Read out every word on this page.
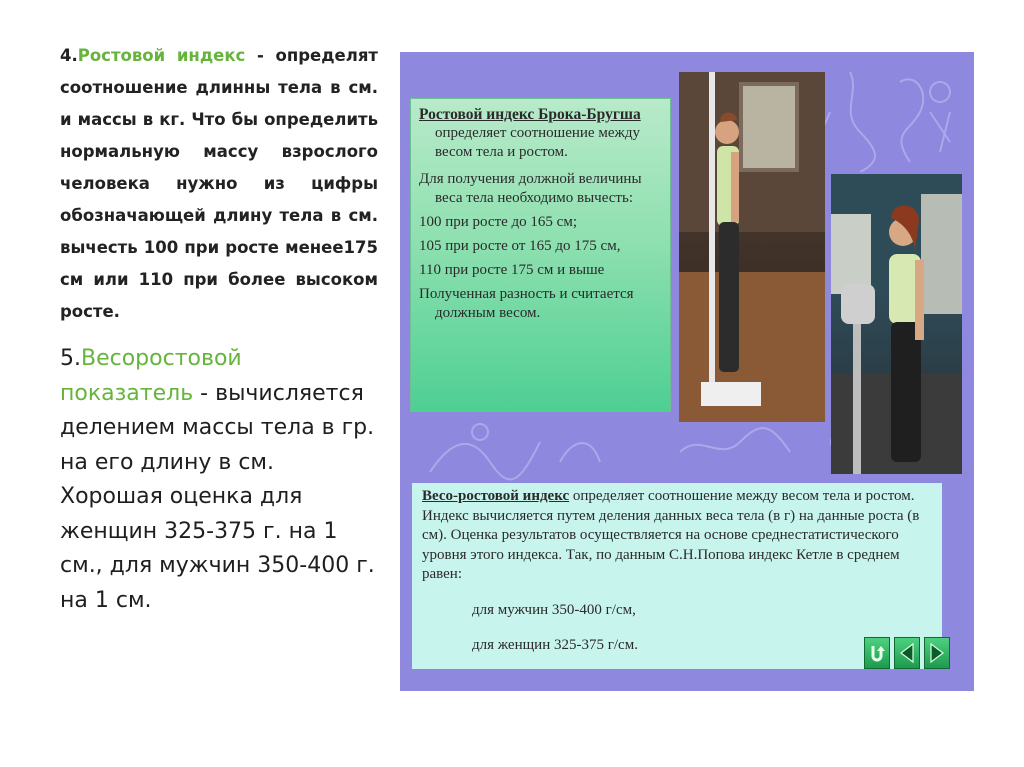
4.Ростовой индекс - определят соотношение длинны тела в см. и массы в кг. Что бы определить нормальную массу взрослого человека нужно из цифры обозначающей длину тела в см. вычесть 100 при росте менее175 см или 110 при более высоком росте.
5.Весоростовой показатель - вычисляется делением массы тела в гр. на его длину в см. Хорошая оценка для женщин 325-375 г. на 1 см., для мужчин 350-400 г. на 1 см.
Ростовой индекс Брока-Бругша
определяет соотношение между
весом тела и ростом.
Для получения должной величины
веса тела необходимо вычесть:
100 при росте до 165 см;
105 при росте от 165 до 175 см,
110 при росте 175 см и выше
Полученная разность и считается
должным весом.
Весо-ростовой индекс определяет соотношение между весом тела и ростом. Индекс вычисляется путем деления данных веса тела (в г) на данные роста (в см). Оценка результатов осуществляется на основе среднестатистического уровня этого индекса. Так, по данным С.Н.Попова индекс Кетле в среднем равен:
для мужчин 350-400 г/см,
для женщин 325-375 г/см.
